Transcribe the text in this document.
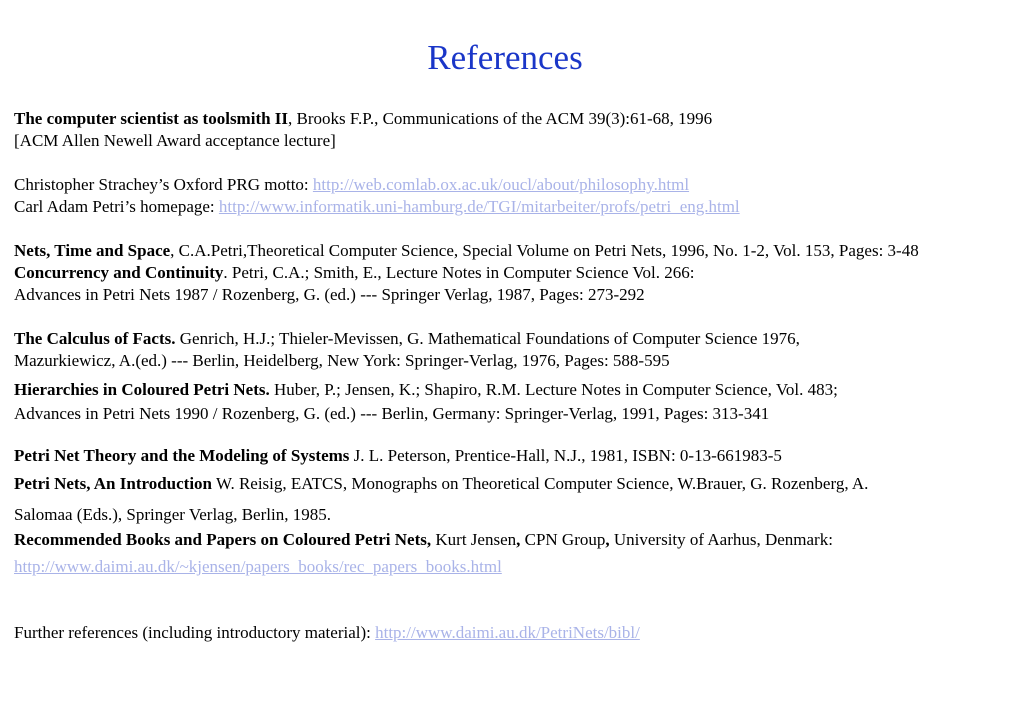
References
The computer scientist as toolsmith II, Brooks F.P., Communications of the ACM 39(3):61-68, 1996
[ACM Allen Newell Award acceptance lecture]
Christopher Strachey’s Oxford PRG motto: http://web.comlab.ox.ac.uk/oucl/about/philosophy.html
Carl Adam Petri’s homepage: http://www.informatik.uni-hamburg.de/TGI/mitarbeiter/profs/petri_eng.html
Nets, Time and Space, C.A.Petri,Theoretical Computer Science, Special Volume on Petri Nets, 1996, No. 1-2, Vol. 153, Pages: 3-48
Concurrency and Continuity. Petri, C.A.; Smith, E., Lecture Notes in Computer Science Vol. 266:
Advances in Petri Nets 1987 / Rozenberg, G. (ed.) --- Springer Verlag, 1987, Pages: 273-292
The Calculus of Facts. Genrich, H.J.; Thieler-Mevissen, G. Mathematical Foundations of Computer Science 1976,
Mazurkiewicz, A.(ed.) --- Berlin, Heidelberg, New York: Springer-Verlag, 1976, Pages: 588-595
Hierarchies in Coloured Petri Nets. Huber, P.; Jensen, K.; Shapiro, R.M. Lecture Notes in Computer Science, Vol. 483;
Advances in Petri Nets 1990 / Rozenberg, G. (ed.) --- Berlin, Germany: Springer-Verlag, 1991, Pages: 313-341
Petri Net Theory and the Modeling of Systems J. L. Peterson, Prentice-Hall, N.J., 1981, ISBN: 0-13-661983-5
Petri Nets, An Introduction W. Reisig, EATCS, Monographs on Theoretical Computer Science, W.Brauer, G. Rozenberg, A.
Salomaa (Eds.), Springer Verlag, Berlin, 1985.
Recommended Books and Papers on Coloured Petri Nets, Kurt Jensen, CPN Group, University of Aarhus, Denmark:
http://www.daimi.au.dk/~kjensen/papers_books/rec_papers_books.html
Further references (including introductory material): http://www.daimi.au.dk/PetriNets/bibl/
